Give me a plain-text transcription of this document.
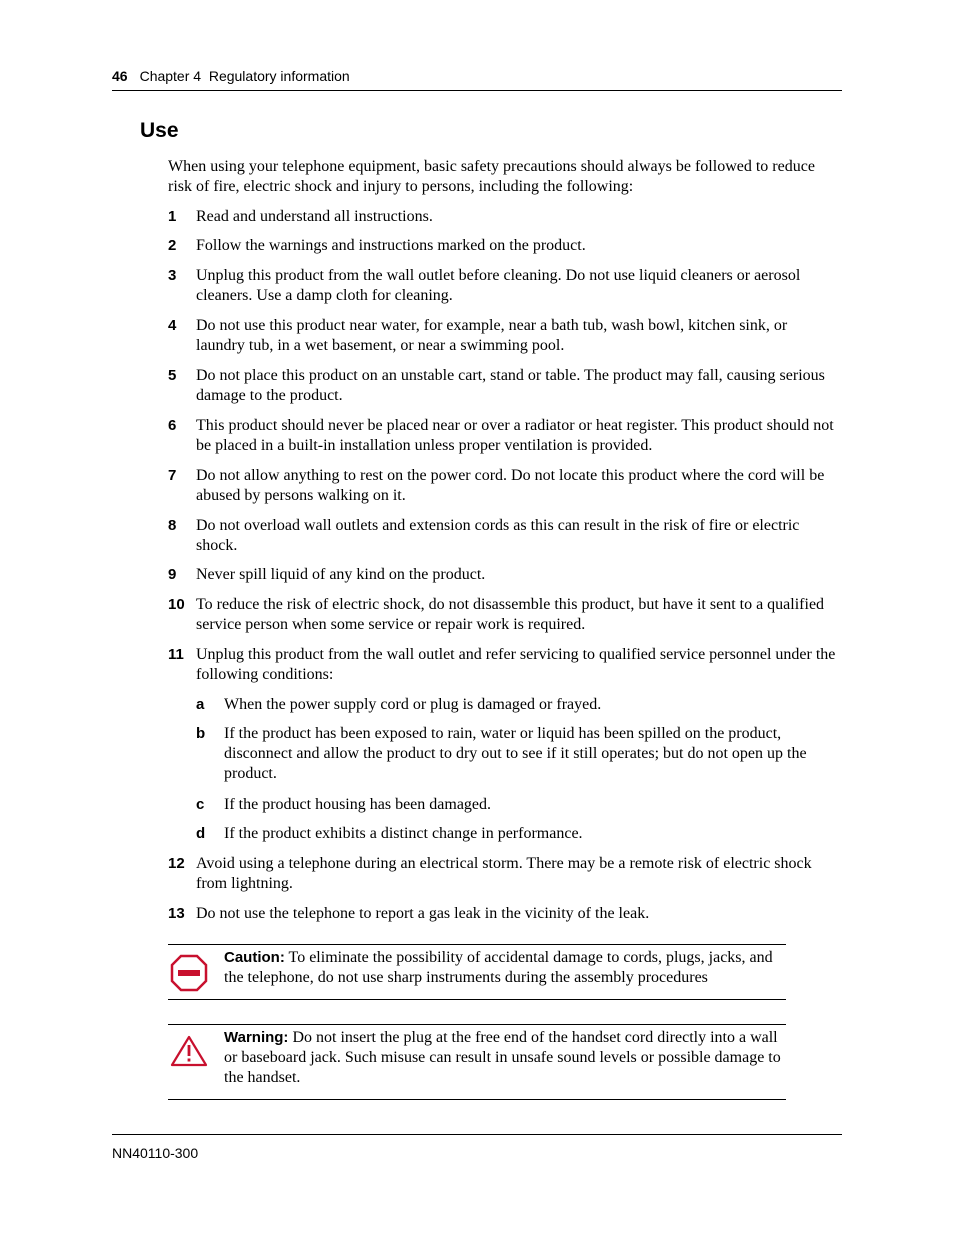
46 Chapter 4  Regulatory information
Use

When using your telephone equipment, basic safety precautions should always be followed to reduce risk of fire, electric shock and injury to persons, including the following:

1 Read and understand all instructions.
2 Follow the warnings and instructions marked on the product.
3 Unplug this product from the wall outlet before cleaning. Do not use liquid cleaners or aerosol cleaners. Use a damp cloth for cleaning.
4 Do not use this product near water, for example, near a bath tub, wash bowl, kitchen sink, or laundry tub, in a wet basement, or near a swimming pool.
5 Do not place this product on an unstable cart, stand or table. The product may fall, causing serious damage to the product.
6 This product should never be placed near or over a radiator or heat register. This product should not be placed in a built-in installation unless proper ventilation is provided.
7 Do not allow anything to rest on the power cord. Do not locate this product where the cord will be abused by persons walking on it.
8 Do not overload wall outlets and extension cords as this can result in the risk of fire or electric shock.
9 Never spill liquid of any kind on the product.
10 To reduce the risk of electric shock, do not disassemble this product, but have it sent to a qualified service person when some service or repair work is required.
11 Unplug this product from the wall outlet and refer servicing to qualified service personnel under the following conditions:
a When the power supply cord or plug is damaged or frayed.
b If the product has been exposed to rain, water or liquid has been spilled on the product, disconnect and allow the product to dry out to see if it still operates; but do not open up the product.
c If the product housing has been damaged.
d If the product exhibits a distinct change in performance.
12 Avoid using a telephone during an electrical storm. There may be a remote risk of electric shock from lightning.
13 Do not use the telephone to report a gas leak in the vicinity of the leak.
Caution: To eliminate the possibility of accidental damage to cords, plugs, jacks, and the telephone, do not use sharp instruments during the assembly procedures
Warning: Do not insert the plug at the free end of the handset cord directly into a wall or baseboard jack. Such misuse can result in unsafe sound levels or possible damage to the handset.
NN40110-300
